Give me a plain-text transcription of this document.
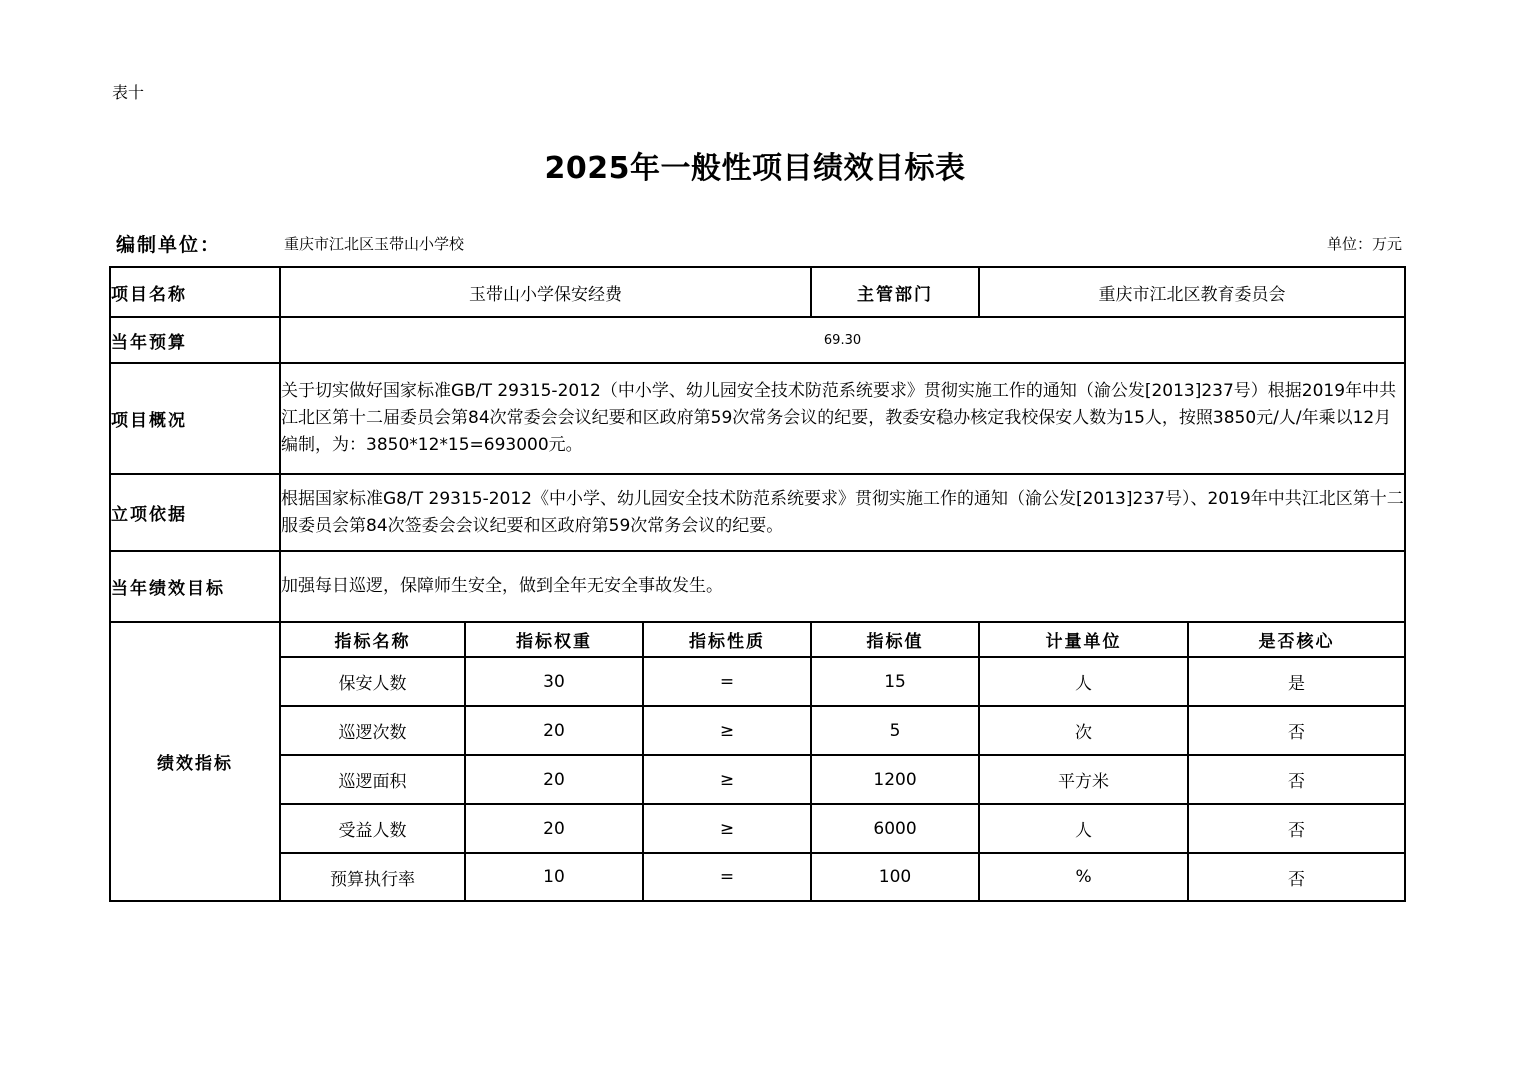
表十
2025年一般性项目绩效目标表
编制单位：	重庆市江北区玉带山小学校	单位：万元
项目名称	玉带山小学保安经费			主管部门	重庆市江北区教育委员会	
当年预算	69.30					
项目概况	关于切实做好国家标准GB/T 29315-2012（中小学、幼儿园安全技术防范系统要求》贯彻实施工作的通知（渝公发[2013]237号）根据2019年中共江北区第十二届委员会第84次常委会会议纪要和区政府第59次常务会议的纪要，教委安稳办核定我校保安人数为15人，按照3850元/人/年乘以12月编制，为：3850*12*15=693000元。					
立项依据	根据国家标准G8/T 29315-2012《中小学、幼儿园安全技术防范系统要求》贯彻实施工作的通知（渝公发[2013]237号）、2019年中共江北区第十二服委员会第84次签委会会议纪要和区政府第59次常务会议的纪要。					
当年绩效目标	加强每日巡逻，保障师生安全，做到全年无安全事故发生。					
绩效指标	指标名称	指标权重	指标性质	指标值	计量单位	是否核心
	保安人数	30	=	15	人	是
	巡逻次数	20	≥	5	次	否
	巡逻面积	20	≥	1200	平方米	否
	受益人数	20	≥	6000	人	否
	预算执行率	10	=	100	%	否
